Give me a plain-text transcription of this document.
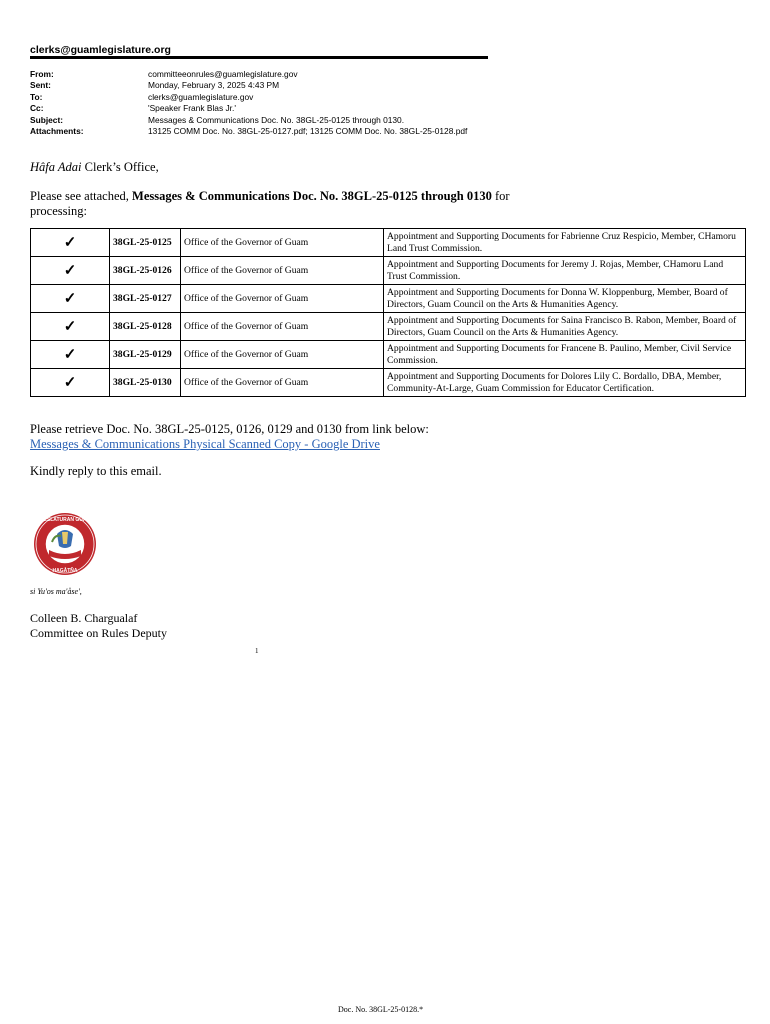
clerks@guamlegislature.org
From:	committeeonrules@guamlegislature.gov
Sent:	Monday, February 3, 2025 4:43 PM
To:	clerks@guamlegislature.gov
Cc:	'Speaker Frank Blas Jr.'
Subject:	Messages & Communications Doc. No. 38GL-25-0125 through 0130.
Attachments:	13125 COMM Doc. No. 38GL-25-0127.pdf; 13125 COMM Doc. No. 38GL-25-0128.pdf
Hâfa Adai Clerk’s Office,
Please see attached, Messages & Communications Doc. No. 38GL-25-0125 through 0130 for processing:
✓	38GL-25-0125	Office of the Governor of Guam	Appointment and Supporting Documents for Fabrienne Cruz Respicio, Member, CHamoru Land Trust Commission.
✓	38GL-25-0126	Office of the Governor of Guam	Appointment and Supporting Documents for Jeremy J. Rojas, Member, CHamoru Land Trust Commission.
✓	38GL-25-0127	Office of the Governor of Guam	Appointment and Supporting Documents for Donna W. Kloppenburg, Member, Board of Directors, Guam Council on the Arts & Humanities Agency.
✓	38GL-25-0128	Office of the Governor of Guam	Appointment and Supporting Documents for Saina Francisco B. Rabon, Member, Board of Directors, Guam Council on the Arts & Humanities Agency.
✓	38GL-25-0129	Office of the Governor of Guam	Appointment and Supporting Documents for Francene B. Paulino, Member, Civil Service Commission.
✓	38GL-25-0130	Office of the Governor of Guam	Appointment and Supporting Documents for Dolores Lily C. Bordallo, DBA, Member, Community-At-Large, Guam Commission for Educator Certification.
Please retrieve Doc. No. 38GL-25-0125, 0126, 0129 and 0130 from link below:
Messages & Communications Physical Scanned Copy - Google Drive
Kindly reply to this email.
I LIHESLATURAN GUÅHAN
HAGÅTÑA
si Yu'os ma'åse',
Colleen B. Chargualaf
Committee on Rules Deputy
1
Doc. No. 38GL-25-0128.*
